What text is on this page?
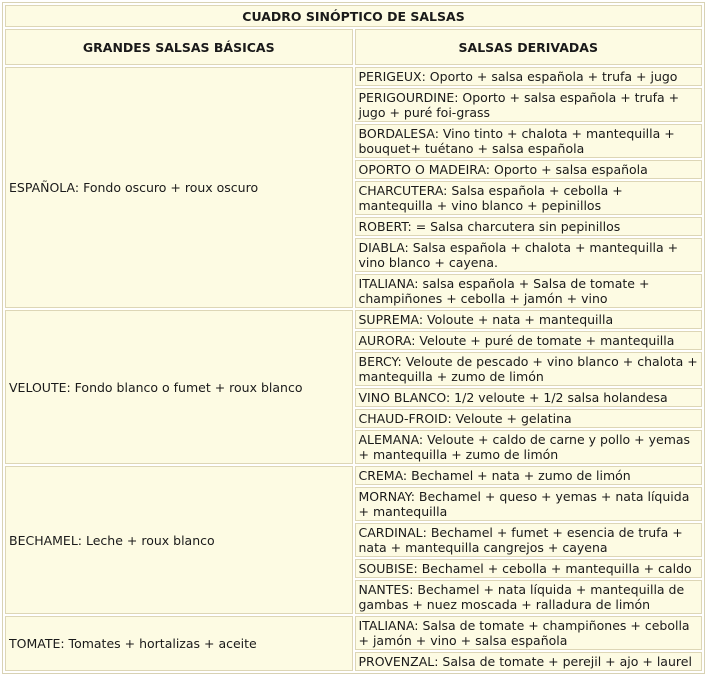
CUADRO SINÓPTICO DE SALSAS	
GRANDES SALSAS BÁSICAS	SALSAS DERIVADAS
ESPAÑOLA: Fondo oscuro + roux oscuro	PERIGEUX: Oporto + salsa española + trufa + jugo
	PERIGOURDINE: Oporto + salsa española + trufa + jugo + puré foi-grass
	BORDALESA: Vino tinto + chalota + mantequilla + bouquet+ tuétano + salsa española
	OPORTO O MADEIRA: Oporto + salsa española
	CHARCUTERA: Salsa española + cebolla + mantequilla + vino blanco + pepinillos
	ROBERT: = Salsa charcutera sin pepinillos
	DIABLA: Salsa española + chalota + mantequilla + vino blanco + cayena.
	ITALIANA: salsa española + Salsa de tomate + champiñones + cebolla + jamón + vino
VELOUTE: Fondo blanco o fumet + roux blanco	SUPREMA: Voloute + nata + mantequilla
	AURORA: Veloute + puré de tomate + mantequilla
	BERCY: Veloute de pescado + vino blanco + chalota + mantequilla + zumo de limón
	VINO BLANCO: 1/2 veloute + 1/2 salsa holandesa
	CHAUD-FROID: Veloute + gelatina
	ALEMANA: Veloute + caldo de carne y pollo + yemas + mantequilla + zumo de limón
BECHAMEL: Leche + roux blanco	CREMA: Bechamel + nata + zumo de limón
	MORNAY: Bechamel + queso + yemas + nata líquida + mantequilla
	CARDINAL: Bechamel + fumet + esencia de trufa + nata + mantequilla cangrejos + cayena
	SOUBISE: Bechamel + cebolla + mantequilla + caldo
	NANTES: Bechamel + nata líquida + mantequilla de gambas + nuez moscada + ralladura de limón
TOMATE: Tomates + hortalizas + aceite	ITALIANA: Salsa de tomate + champiñones + cebolla + jamón + vino + salsa española
	PROVENZAL: Salsa de tomate + perejil + ajo + laurel
